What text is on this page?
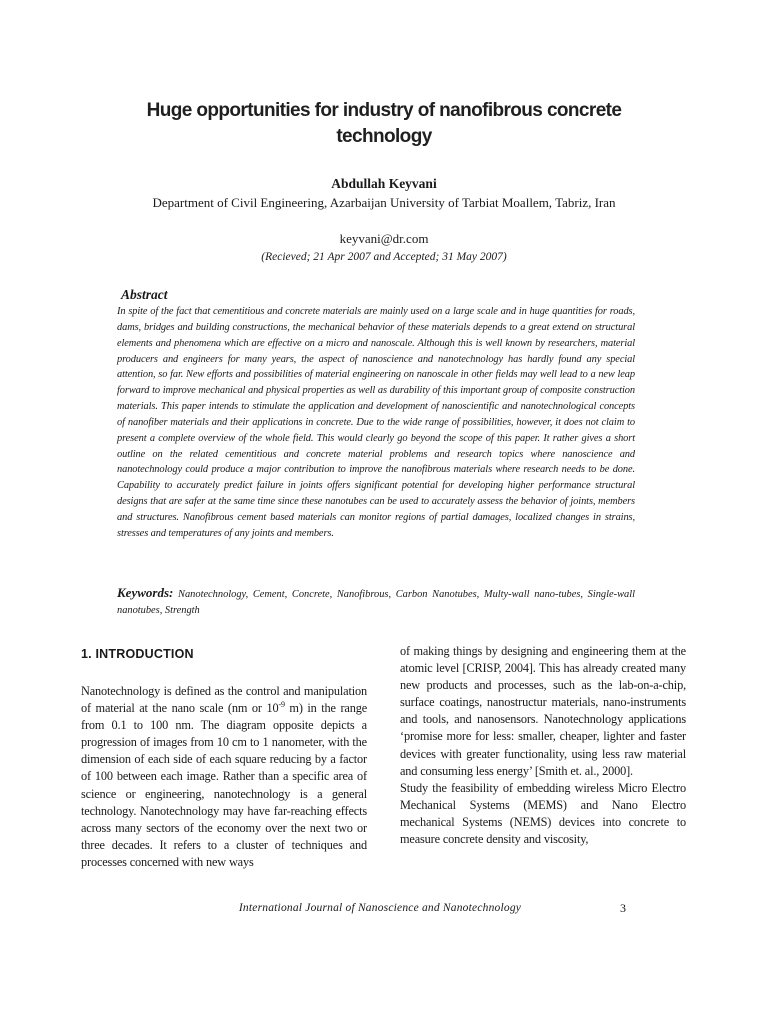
Huge opportunities for industry of nanofibrous concrete technology
Abdullah Keyvani
Department of Civil Engineering, Azarbaijan University of Tarbiat Moallem, Tabriz, Iran
keyvani@dr.com
(Recieved; 21 Apr 2007 and Accepted; 31 May 2007)
Abstract
In spite of the fact that cementitious and concrete materials are mainly used on a large scale and in huge quantities for roads, dams, bridges and building constructions, the mechanical behavior of these materials depends to a great extend on structural elements and phenomena which are effective on a micro and nanoscale. Although this is well known by researchers, material producers and engineers for many years, the aspect of nanoscience and nanotechnology has hardly found any special attention, so far. New efforts and possibilities of material engineering on nanoscale in other fields may well lead to a new leap forward to improve mechanical and physical properties as well as durability of this important group of composite construction materials. This paper intends to stimulate the application and development of nanoscientific and nanotechnological concepts of nanofiber materials and their applications in concrete. Due to the wide range of possibilities, however, it does not claim to present a complete overview of the whole field. This would clearly go beyond the scope of this paper. It rather gives a short outline on the related cementitious and concrete material problems and research topics where nanoscience and nanotechnology could produce a major contribution to improve the nanofibrous materials where research needs to be done. Capability to accurately predict failure in joints offers significant potential for developing higher performance structural designs that are safer at the same time since these nanotubes can be used to accurately assess the behavior of joints, members and structures. Nanofibrous cement based materials can monitor regions of partial damages, localized changes in strains, stresses and temperatures of any joints and members.
Keywords: Nanotechnology, Cement, Concrete, Nanofibrous, Carbon Nanotubes, Multy-wall nano-tubes, Single-wall nanotubes, Strength
1. INTRODUCTION

Nanotechnology is defined as the control and manipulation of material at the nano scale (nm or $10^{-9}$ m) in the range from 0.1 to 100 nm. The diagram opposite depicts a progression of images from 10 cm to 1 nanometer, with the dimension of each side of each square reducing by a factor of 100 between each image. Rather than a specific area of science or engineering, nanotechnology is a general technology. Nanotechnology may have far-reaching effects across many sectors of the economy over the next two or three decades. It refers to a cluster of techniques and processes concerned with new ways

of making things by designing and engineering them at the atomic level [CRISP, 2004]. This has already created many new products and processes, such as the lab-on-a-chip, surface coatings, nanostructur materials, nano-instruments and tools, and nanosensors. Nanotechnology applications ‘promise more for less: smaller, cheaper, lighter and faster devices with greater functionality, using less raw material and consuming less energy’ [Smith et. al., 2000].

Study the feasibility of embedding wireless Micro Electro Mechanical Systems (MEMS) and Nano Electro mechanical Systems (NEMS) devices into concrete to measure concrete density and viscosity,

International Journal of Nanoscience and Nanotechnology	3
